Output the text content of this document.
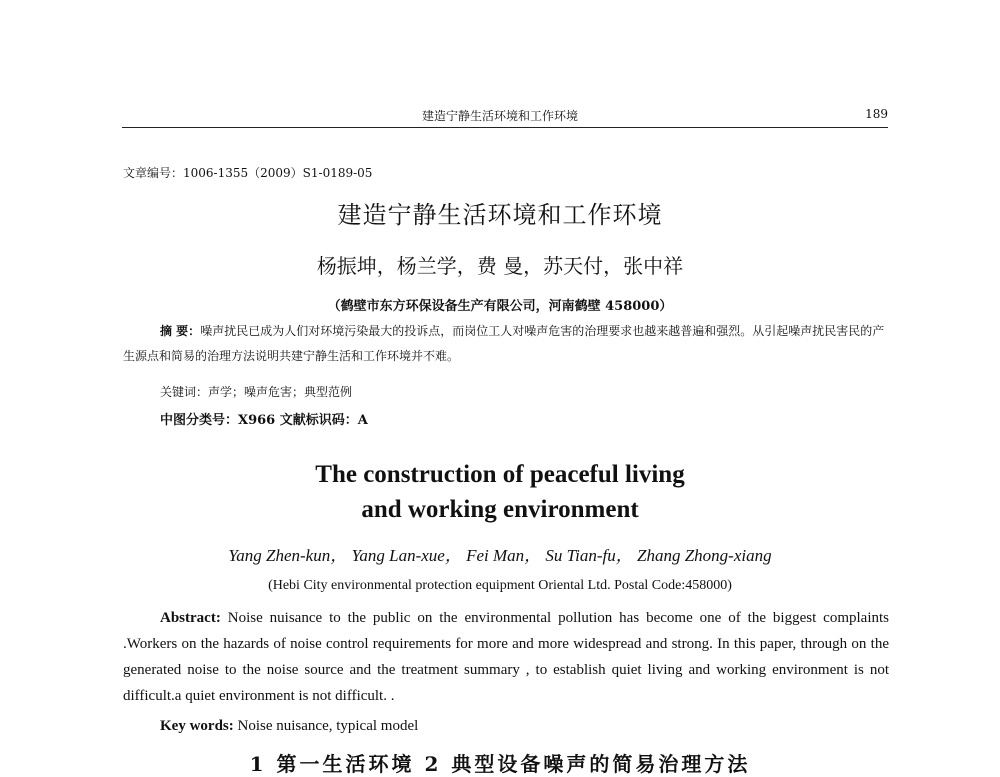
建造宁静生活环境和工作环境	189
文章编号：1006-1355（2009）S1-0189-05
建造宁静生活环境和工作环境
杨振坤，杨兰学，费 曼，苏天付，张中祥
（鹤壁市东方环保设备生产有限公司，河南鹤壁 458000）
摘 要：噪声扰民已成为人们对环境污染最大的投诉点，而岗位工人对噪声危害的治理要求也越来越普遍和强烈。从引起噪声扰民害民的产生源点和简易的治理方法说明共建宁静生活和工作环境并不难。
关键词：声学；噪声危害；典型范例
中图分类号：X966 文献标识码：A
The construction of peaceful living
and working environment
Yang Zhen-kun， Yang Lan-xue， Fei Man， Su Tian-fu， Zhang Zhong-xiang
(Hebi City environmental protection equipment Oriental Ltd. Postal Code:458000)
Abstract: Noise nuisance to the public on the environmental pollution has become one of the biggest complaints .Workers on the hazards of noise control requirements for more and more widespread and strong. In this paper, through on the generated noise to the noise source and the treatment summary , to establish quiet living and working environment is not difficult.a quiet environment is not difficult. .
Key words: Noise nuisance, typical model
1 第一生活环境 2 典型设备噪声的简易治理方法
